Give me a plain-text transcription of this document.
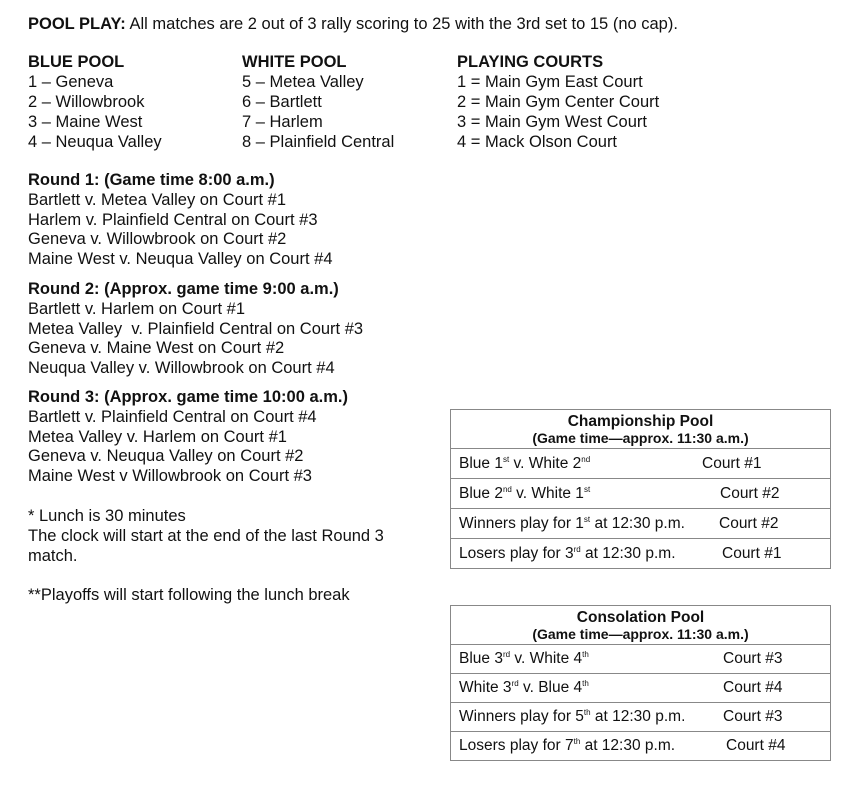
POOL PLAY: All matches are 2 out of 3 rally scoring to 25 with the 3rd set to 15 (no cap).
BLUE POOL
1 – Geneva
2 – Willowbrook
3 – Maine West
4 – Neuqua Valley
WHITE POOL
5 – Metea Valley
6 – Bartlett
7 – Harlem
8 – Plainfield Central
PLAYING COURTS
1 = Main Gym East Court
2 = Main Gym Center Court
3 = Main Gym West Court
4 = Mack Olson Court
Round 1: (Game time 8:00 a.m.)
Bartlett v. Metea Valley on Court #1
Harlem v. Plainfield Central on Court #3
Geneva v. Willowbrook on Court #2
Maine West v. Neuqua Valley on Court #4
Round 2: (Approx. game time 9:00 a.m.)
Bartlett v. Harlem on Court #1
Metea Valley  v. Plainfield Central on Court #3
Geneva v. Maine West on Court #2
Neuqua Valley v. Willowbrook on Court #4
Round 3: (Approx. game time 10:00 a.m.)
Bartlett v. Plainfield Central on Court #4
Metea Valley v. Harlem on Court #1
Geneva v. Neuqua Valley on Court #2
Maine West v Willowbrook on Court #3
* Lunch is 30 minutes
The clock will start at the end of the last Round 3
match.
**Playoffs will start following the lunch break
Championship Pool
(Game time—approx. 11:30 a.m.)	

Blue 1st v. White 2nd	Court #1
Blue 2nd v. White 1st	Court #2
Winners play for 1st at 12:30 p.m.	Court #2
Losers play for 3rd at 12:30 p.m.	Court #1
Consolation Pool
(Game time—approx. 11:30 a.m.)	

Blue 3rd v. White 4th	Court #3
White 3rd v. Blue 4th	Court #4
Winners play for 5th at 12:30 p.m.	Court #3
Losers play for 7th at 12:30 p.m.	Court #4
